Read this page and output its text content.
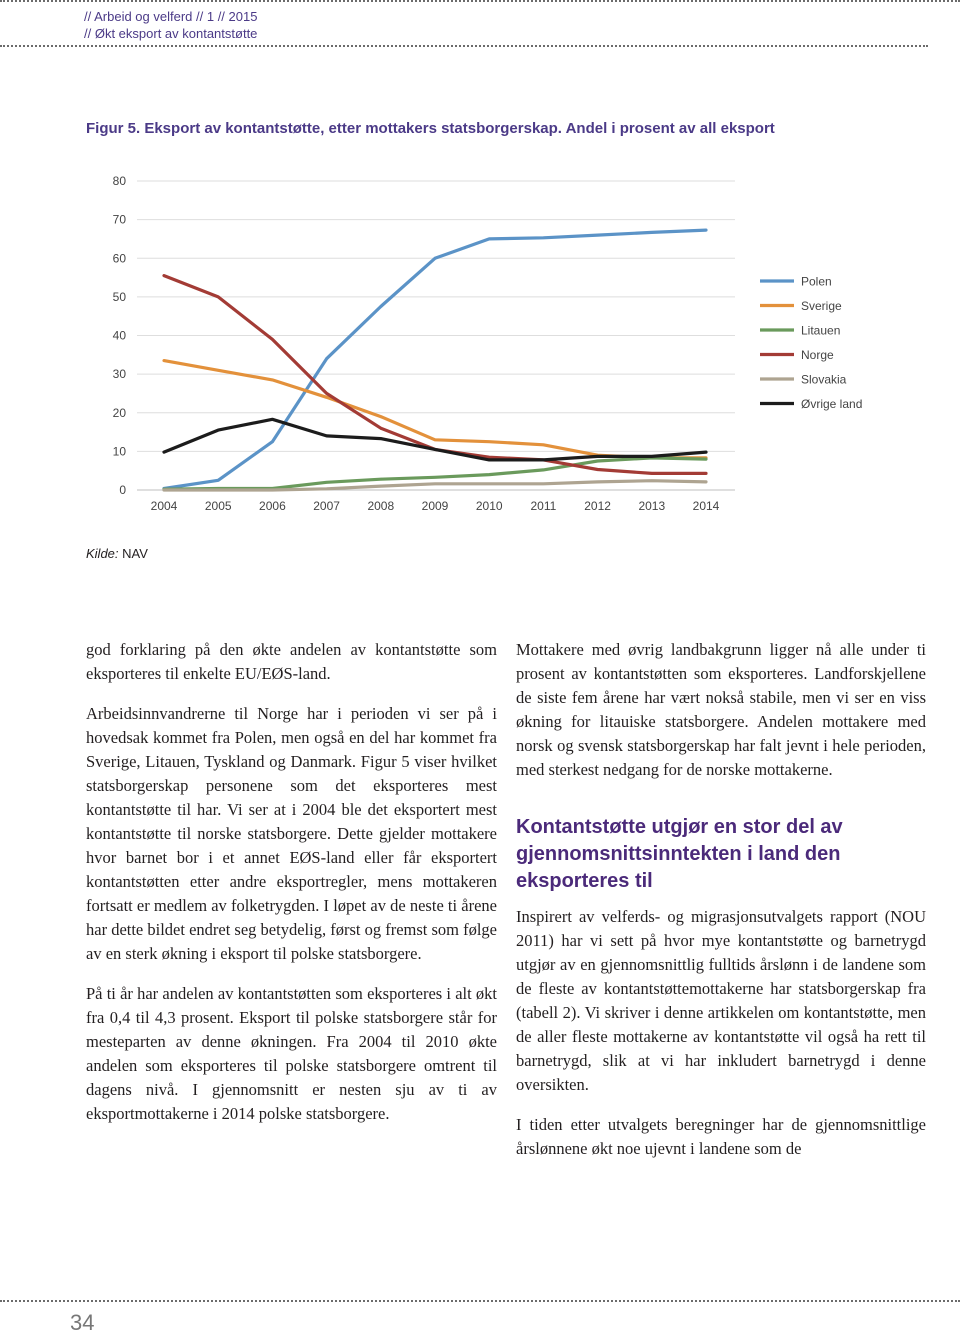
// Arbeid og velferd // 1 // 2015
// Økt eksport av kontantstøtte
Figur 5. Eksport av kontantstøtte, etter mottakers statsborgerskap. Andel i prosent av all eksport
0
10
20
30
40
50
60
70
80
2004 2005 2006 2007 2008 2009 2010 2011 2012 2013 2014
Polen
Sverige
Litauen
Norge
Slovakia
Øvrige land
Kilde: NAV

god forklaring på den økte andelen av kontantstøtte som eksporteres til enkelte EU/EØS-land.

Arbeidsinnvandrerne til Norge har i perioden vi ser på i hovedsak kommet fra Polen, men også en del har kommet fra Sverige, Litauen, Tyskland og Danmark. Figur 5 viser hvilket statsborgerskap personene som det eksporteres mest kontantstøtte til har. Vi ser at i 2004 ble det eksportert mest kontantstøtte til norske statsborgere. Dette gjelder mottakere hvor barnet bor i et annet EØS-land eller får eksportert kontantstøtten etter andre eksportregler, mens mottakeren fortsatt er medlem av folketrygden. I løpet av de neste ti årene har dette bildet endret seg betydelig, først og fremst som følge av en sterk økning i eksport til polske statsborgere.

På ti år har andelen av kontantstøtten som eksporteres i alt økt fra 0,4 til 4,3 prosent. Eksport til polske statsborgere står for mesteparten av denne økningen. Fra 2004 til 2010 økte andelen som eksporteres til polske statsborgere omtrent til dagens nivå. I gjennomsnitt er nesten sju av ti av eksportmottakerne i 2014 polske statsborgere.

Mottakere med øvrig landbakgrunn ligger nå alle under ti prosent av kontantstøtten som eksporteres. Landforskjellene de siste fem årene har vært nokså stabile, men vi ser en viss økning for litauiske statsborgere. Andelen mottakere med norsk og svensk statsborgerskap har falt jevnt i hele perioden, med sterkest nedgang for de norske mottakerne.

Kontantstøtte utgjør en stor del av gjennomsnittsinntekten i land den eksporteres til

Inspirert av velferds- og migrasjonsutvalgets rapport (NOU 2011) har vi sett på hvor mye kontantstøtte og barnetrygd utgjør av en gjennomsnittlig fulltids årslønn i de landene som de fleste av kontantstøttemottakerne har statsborgerskap fra (tabell 2). Vi skriver i denne artikkelen om kontantstøtte, men de aller fleste mottakerne av kontantstøtte vil også ha rett til barnetrygd, slik at vi har inkludert barnetrygd i denne oversikten.

I tiden etter utvalgets beregninger har de gjennomsnittlige årslønnene økt noe ujevnt i landene som de

34
